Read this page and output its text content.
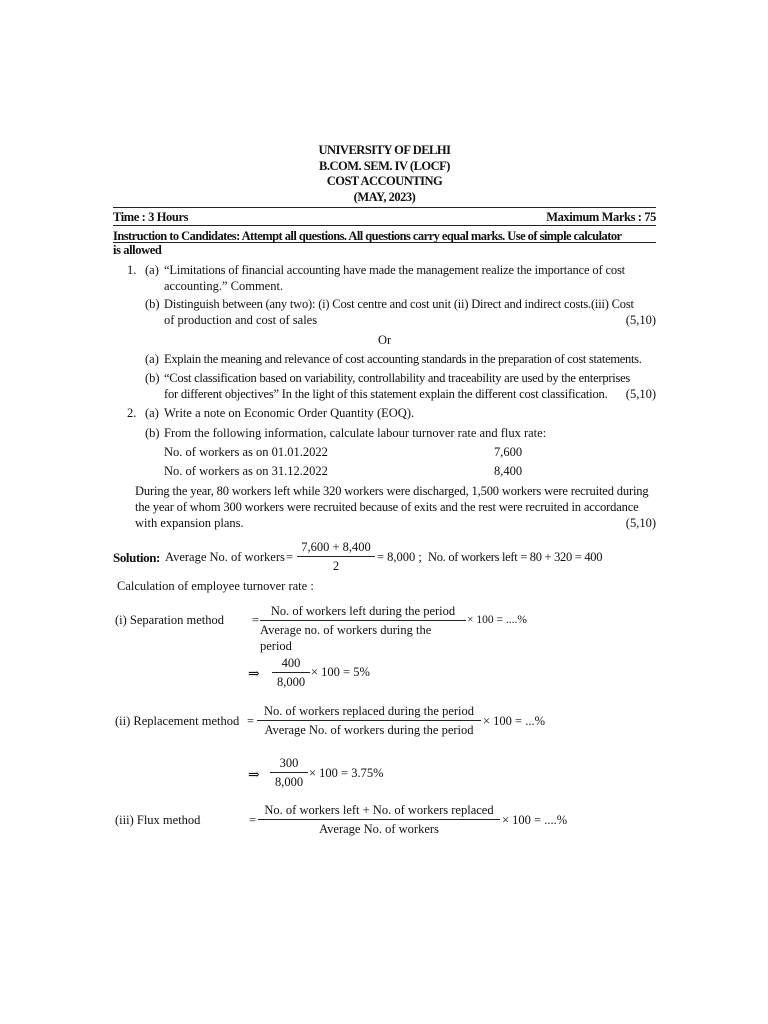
UNIVERSITY OF DELHI
B.COM. SEM. IV (LOCF)
COST ACCOUNTING
(MAY, 2023)
Time : 3 Hours	Maximum Marks : 75
Instruction to Candidates: Attempt all questions. All questions carry equal marks. Use of simple calculator
is allowed
1. (a) “Limitations of financial accounting have made the management realize the importance of cost
accounting.” Comment.
(b) Distinguish between (any two): (i) Cost centre and cost unit (ii) Direct and indirect costs.(iii) Cost
of production and cost of sales	(5,10)
Or
(a) Explain the meaning and relevance of cost accounting standards in the preparation of cost statements.
(b) “Cost classification based on variability, controllability and traceability are used by the enterprises
for different objectives” In the light of this statement explain the different cost classification. (5,10)
2. (a) Write a note on Economic Order Quantity (EOQ).
(b) From the following information, calculate labour turnover rate and flux rate:
No. of workers as on 01.01.2022	7,600
No. of workers as on 31.12.2022	8,400
During the year, 80 workers left while 320 workers were discharged, 1,500 workers were recruited during
the year of whom 300 workers were recruited because of exits and the rest were recruited in accordance
with expansion plans.	(5,10)
Solution: Average No. of workers =
7,600 + 8,400
2
= 8,000 ; No. of workers left = 80 + 320 = 400
Calculation of employee turnover rate :
(i) Separation method =
No. of workers left during the period
Average no. of workers during the period
× 100 = ....%
⇒
400
8,000
× 100 = 5%
(ii) Replacement method =
No. of workers replaced during the period
Average No. of workers during the period
× 100 = ...%
⇒
300
8,000
× 100 = 3.75%
(iii) Flux method	=
No. of workers left + No. of workers replaced
Average No. of workers
× 100 = ....%
